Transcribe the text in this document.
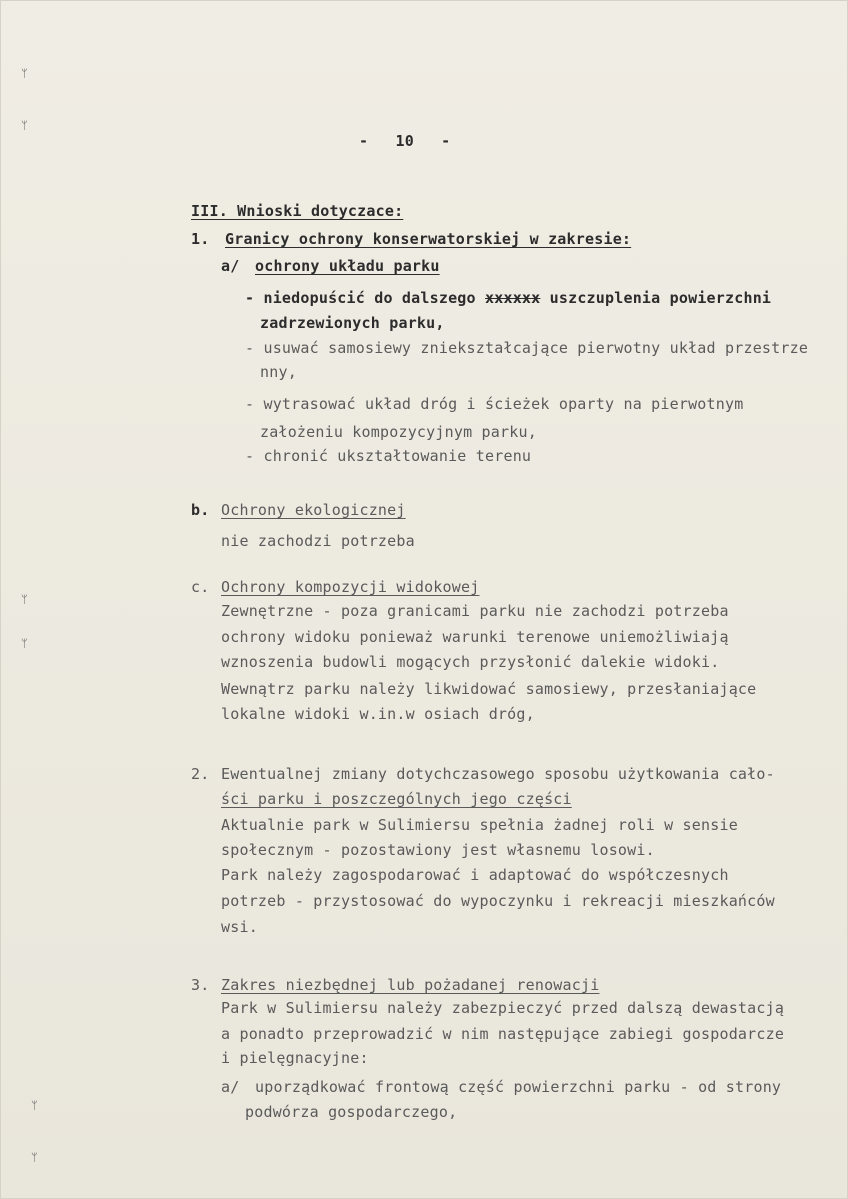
ᛘ
ᛘ
ᛘ
ᛘ
ᛘ
ᛘ
- 10 -
III. Wnioski dotyczace:
1. Granicy ochrony konserwatorskiej w zakresie:
a/ ochrony układu parku
- niedopuścić do dalszego xxxxxx uszczuplenia powierzchni
zadrzewionych parku,
- usuwać samosiewy zniekształcające pierwotny układ przestrze
nny,
- wytrasować układ dróg i ścieżek oparty na pierwotnym
założeniu kompozycyjnym parku,
- chronić ukształtowanie terenu
b. Ochrony ekologicznej
nie zachodzi potrzeba
c. Ochrony kompozycji widokowej
Zewnętrzne - poza granicami parku nie zachodzi potrzeba
ochrony widoku ponieważ warunki terenowe uniemożliwiają
wznoszenia budowli mogących przysłonić dalekie widoki.
Wewnątrz parku należy likwidować samosiewy, przesłaniające
lokalne widoki w.in.w osiach dróg,
2. Ewentualnej zmiany dotychczasowego sposobu użytkowania cało-
ści parku i poszczególnych jego części
Aktualnie park w Sulimiersu spełnia żadnej roli w sensie
społecznym - pozostawiony jest własnemu losowi.
Park należy zagospodarować i adaptować do współczesnych
potrzeb - przystosować do wypoczynku i rekreacji mieszkańców
wsi.
3. Zakres niezbędnej lub pożadanej renowacji
Park w Sulimiersu należy zabezpieczyć przed dalszą dewastacją
a ponadto przeprowadzić w nim następujące zabiegi gospodarcze
i pielęgnacyjne:
a/ uporządkować frontową część powierzchni parku - od strony
podwórza gospodarczego,
